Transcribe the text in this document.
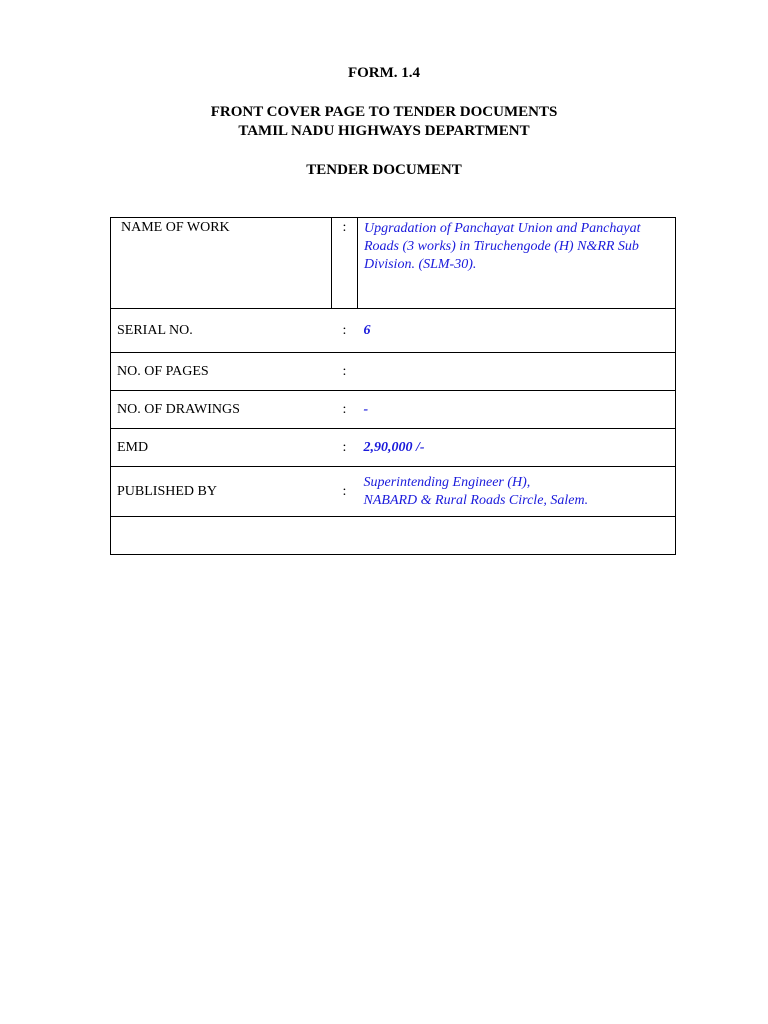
FORM. 1.4

FRONT COVER PAGE TO TENDER DOCUMENTS

TAMIL NADU HIGHWAYS DEPARTMENT

TENDER DOCUMENT

NAME OF WORK	:	Upgradation of Panchayat Union and Panchayat Roads (3 works) in Tiruchengode (H) N&RR Sub Division. (SLM-30).
SERIAL NO.	:	6
NO. OF PAGES	:	
NO. OF DRAWINGS	:	-
EMD	:	2,90,000 /-
PUBLISHED BY	:	Superintending Engineer (H),
NABARD & Rural Roads Circle, Salem.
